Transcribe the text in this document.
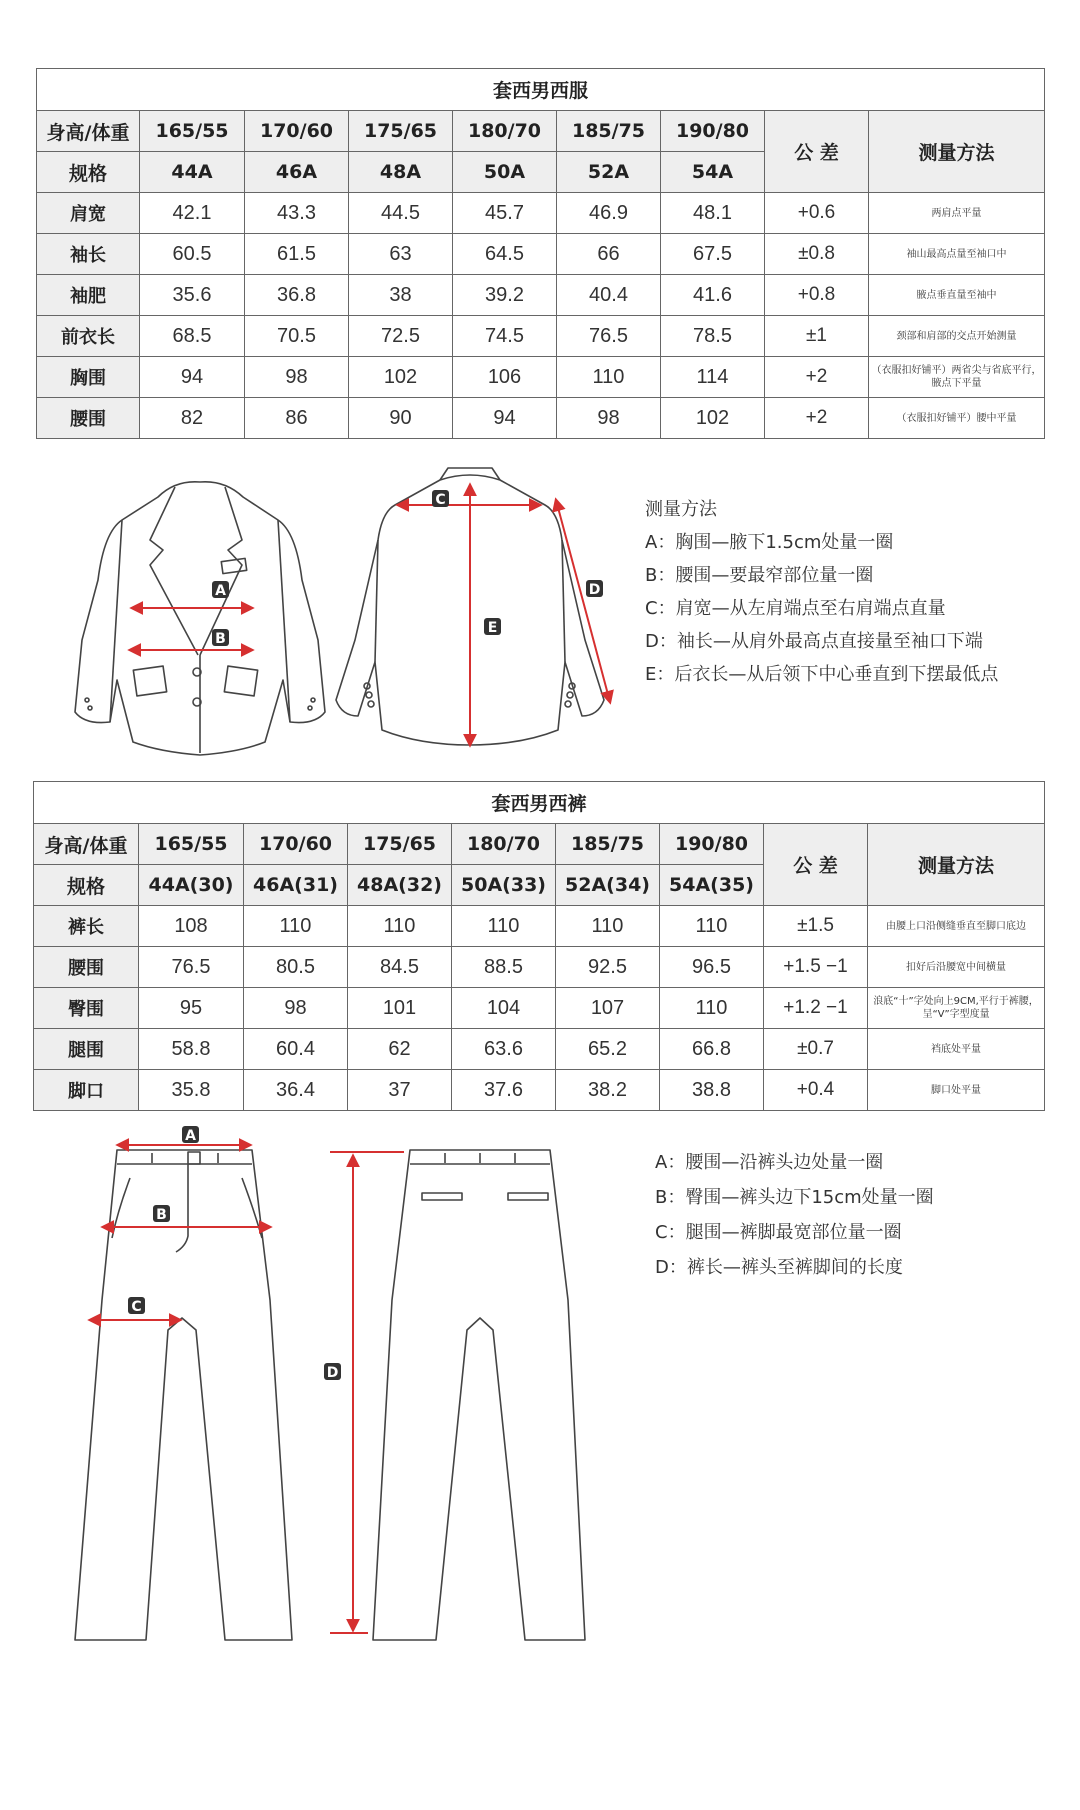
套西男西服								
身高/体重	165/55	170/60	175/65	180/70	185/75	190/80	公 差	测量方法
规格	44A	46A	48A	50A	52A	54A		
肩宽	42.1	43.3	44.5	45.7	46.9	48.1	+0.6	两肩点平量
袖长	60.5	61.5	63	64.5	66	67.5	±0.8	袖山最高点量至袖口中
袖肥	35.6	36.8	38	39.2	40.4	41.6	+0.8	腋点垂直量至袖中
前衣长	68.5	70.5	72.5	74.5	76.5	78.5	±1	颈部和肩部的交点开始测量
胸围	94	98	102	106	110	114	+2	（衣服扣好铺平）两省尖与省底平行，腋点下平量
腰围	82	86	90	94	98	102	+2	（衣服扣好铺平）腰中平量
A
B
C
D
E
A
B
C
D
测量方法
A：胸围—腋下1.5cm处量一圈
B：腰围—要最窄部位量一圈
C：肩宽—从左肩端点至右肩端点直量
D：袖长—从肩外最高点直接量至袖口下端
E：后衣长—从后领下中心垂直到下摆最低点
套西男西裤								
身高/体重	165/55	170/60	175/65	180/70	185/75	190/80	公 差	测量方法
规格	44A(30)	46A(31)	48A(32)	50A(33)	52A(34)	54A(35)		
裤长	108	110	110	110	110	110	±1.5	由腰上口沿侧缝垂直至脚口底边
腰围	76.5	80.5	84.5	88.5	92.5	96.5	+1.5 −1	扣好后沿腰宽中间横量
臀围	95	98	101	104	107	110	+1.2 −1	浪底“十”字处向上9CM,平行于裤腰，呈“V”字型度量
腿围	58.8	60.4	62	63.6	65.2	66.8	±0.7	裆底处平量
脚口	35.8	36.4	37	37.6	38.2	38.8	+0.4	脚口处平量
A：腰围—沿裤头边处量一圈
B：臀围—裤头边下15cm处量一圈
C：腿围—裤脚最宽部位量一圈
D：裤长—裤头至裤脚间的长度
